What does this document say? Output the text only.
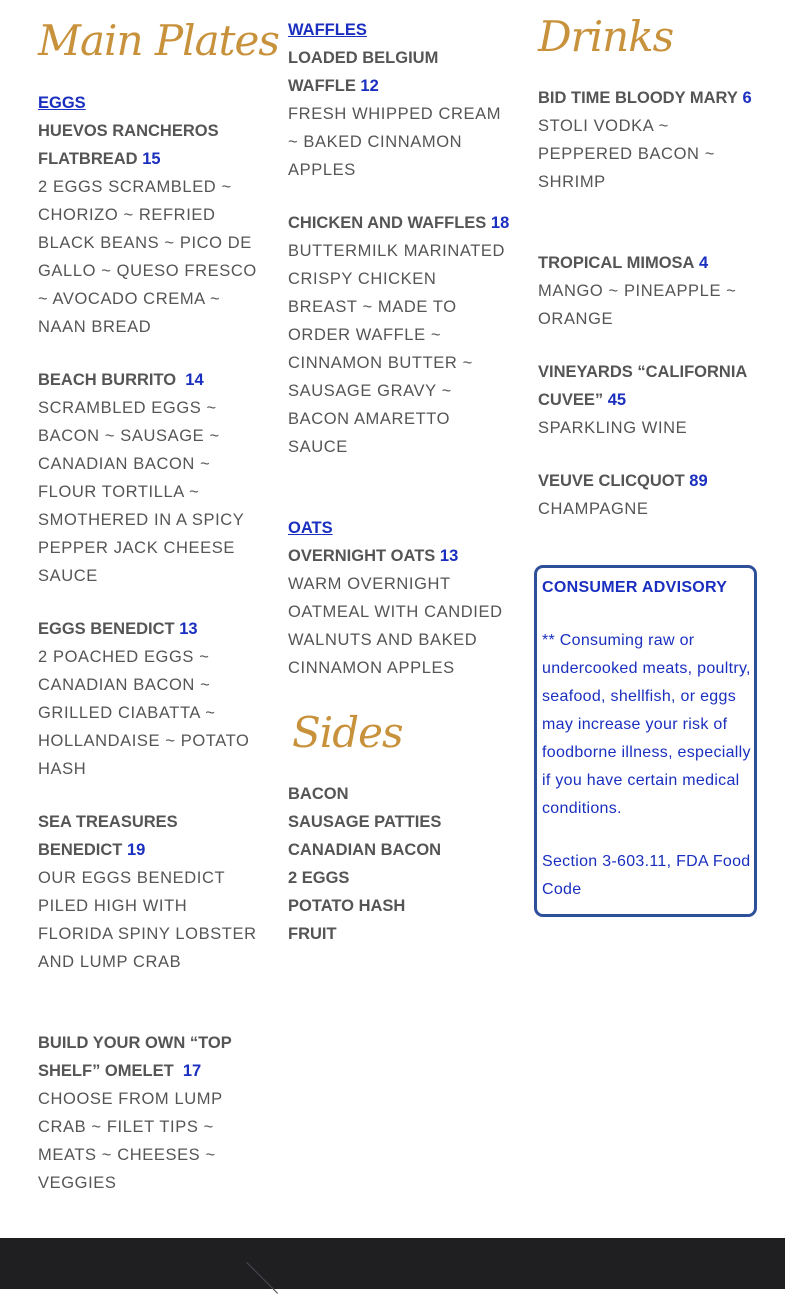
Main Plates
EGGS
HUEVOS RANCHEROS FLATBREAD 15
2 EGGS SCRAMBLED ~ CHORIZO ~ REFRIED BLACK BEANS ~ PICO DE GALLO ~ QUESO FRESCO ~ AVOCADO CREMA ~ NAAN BREAD
BEACH BURRITO 14
SCRAMBLED EGGS ~ BACON ~ SAUSAGE ~ CANADIAN BACON ~ FLOUR TORTILLA ~ SMOTHERED IN A SPICY PEPPER JACK CHEESE SAUCE
EGGS BENEDICT 13
2 POACHED EGGS ~ CANADIAN BACON ~ GRILLED CIABATTA ~ HOLLANDAISE ~ POTATO HASH
SEA TREASURES BENEDICT 19
OUR EGGS BENEDICT PILED HIGH WITH FLORIDA SPINY LOBSTER AND LUMP CRAB
BUILD YOUR OWN “TOP SHELF” OMELET 17
CHOOSE FROM LUMP CRAB ~ FILET TIPS ~ MEATS ~ CHEESES ~ VEGGIES
WAFFLES
LOADED BELGIUM WAFFLE 12
FRESH WHIPPED CREAM ~ BAKED CINNAMON APPLES
CHICKEN AND WAFFLES 18
BUTTERMILK MARINATED CRISPY CHICKEN BREAST ~ MADE TO ORDER WAFFLE ~ CINNAMON BUTTER ~ SAUSAGE GRAVY ~ BACON AMARETTO SAUCE
OATS
OVERNIGHT OATS 13
WARM OVERNIGHT OATMEAL WITH CANDIED WALNUTS AND BAKED CINNAMON APPLES
Sides
BACON
SAUSAGE PATTIES
CANADIAN BACON
2 EGGS
POTATO HASH
FRUIT
Drinks
BID TIME BLOODY MARY 6
STOLI VODKA ~ PEPPERED BACON ~ SHRIMP
TROPICAL MIMOSA 4
MANGO ~ PINEAPPLE ~ ORANGE
VINEYARDS “CALIFORNIA CUVEE” 45
SPARKLING WINE
VEUVE CLICQUOT 89
CHAMPAGNE

CONSUMER ADVISORY

** Consuming raw or undercooked meats, poultry, seafood, shellfish, or eggs may increase your risk of foodborne illness, especially if you have certain medical conditions.

Section 3-603.11, FDA Food Code
